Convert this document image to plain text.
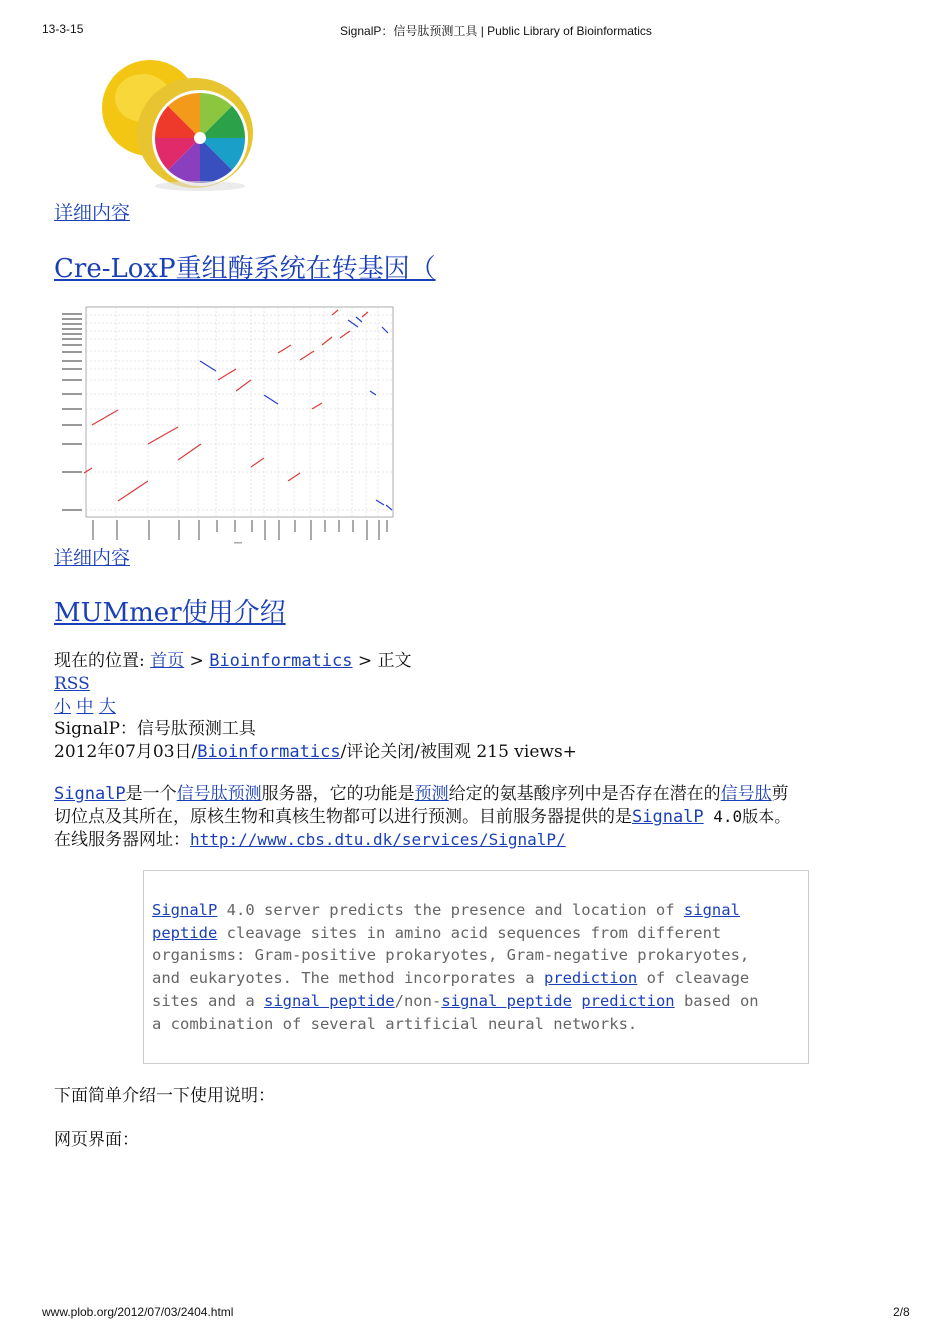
13-3-15	SignalP：信号肽预测工具 | Public Library of Bioinformatics
详细内容
Cre-LoxP重组酶系统在转基因（
详细内容
MUMmer使用介绍
现在的位置: 首页 > Bioinformatics > 正文
RSS
小 中 大
SignalP：信号肽预测工具
2012年07月03日/Bioinformatics/评论关闭/被围观 215 views+
SignalP是一个信号肽预测服务器，它的功能是预测给定的氨基酸序列中是否存在潜在的信号肽剪
切位点及其所在，原核生物和真核生物都可以进行预测。目前服务器提供的是SignalP 4.0版本。
在线服务器网址：http://www.cbs.dtu.dk/services/SignalP/
SignalP 4.0 server predicts the presence and location of signal
peptide cleavage sites in amino acid sequences from different
organisms: Gram-positive prokaryotes, Gram-negative prokaryotes,
and eukaryotes. The method incorporates a prediction of cleavage
sites and a signal peptide/non-signal peptide prediction based on
a combination of several artificial neural networks.
下面简单介绍一下使用说明：
网页界面：
www.plob.org/2012/07/03/2404.html	2/8
